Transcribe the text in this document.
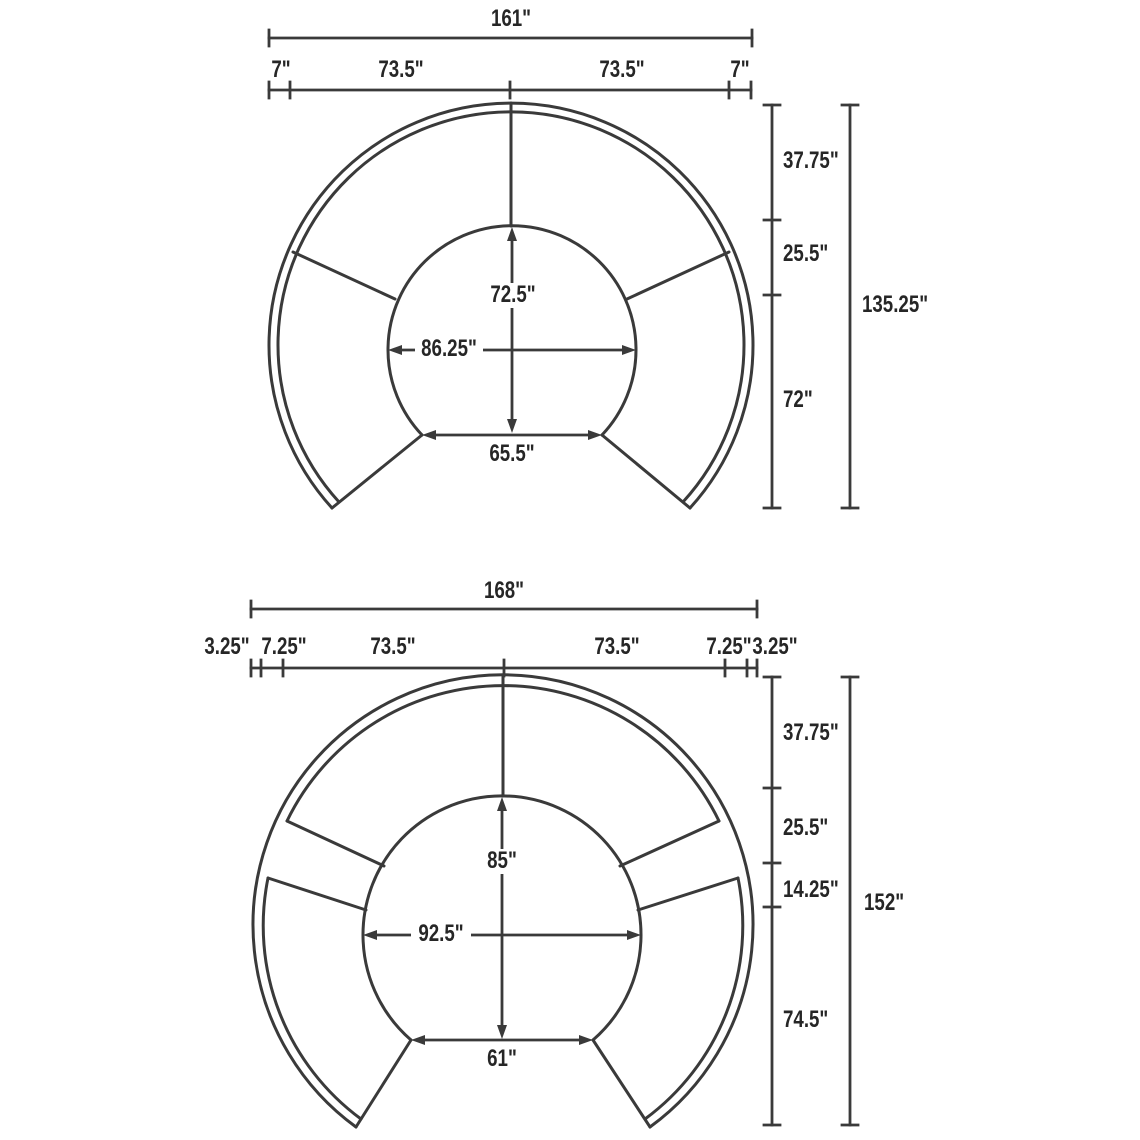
161"
7"	73.5"	73.5"	7"
72.5"
86.25"
65.5"
37.75"
25.5"
72"
135.25"
168"
3.25" 7.25"	73.5"	73.5"	7.25" 3.25"
85"
92.5"
61"
37.75"
25.5"
14.25"
74.5"
152"
